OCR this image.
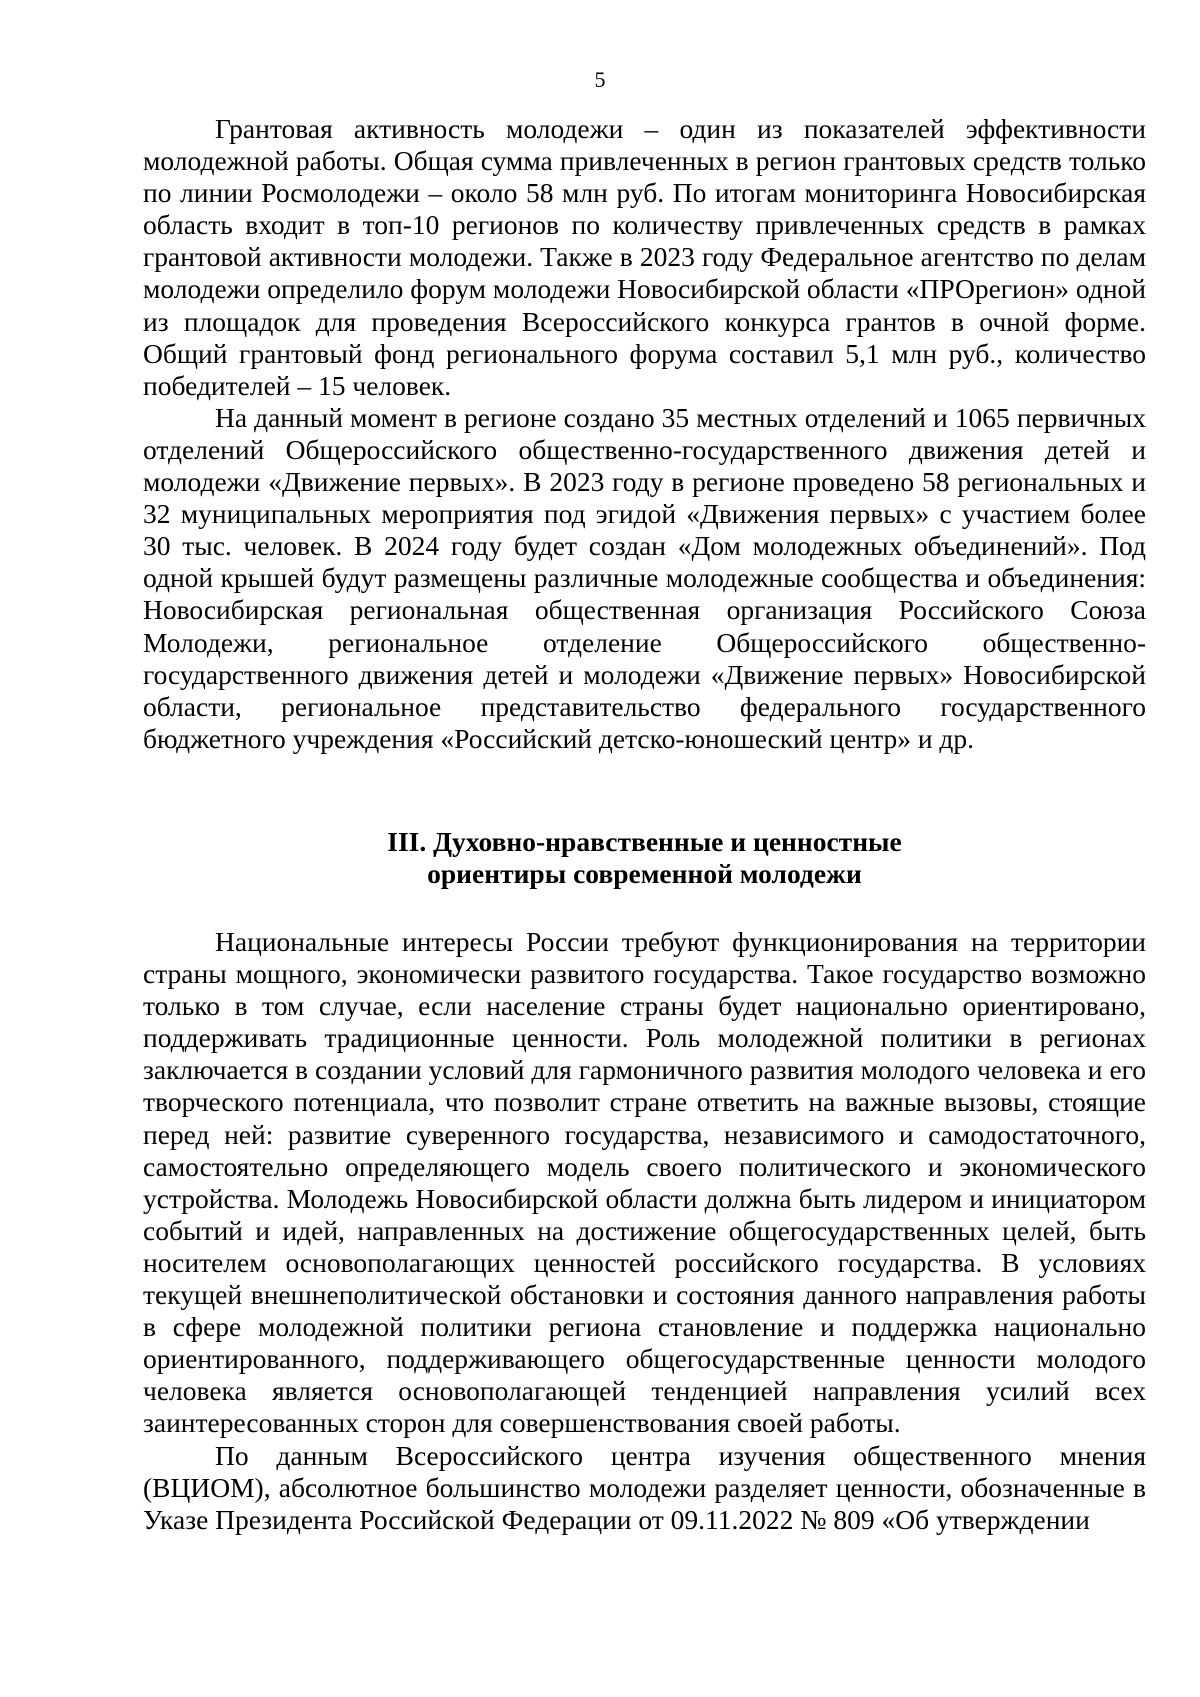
5

Грантовая активность молодежи – один из показателей эффективности молодежной работы. Общая сумма привлеченных в регион грантовых средств только по линии Росмолодежи – около 58 млн руб. По итогам мониторинга Новосибирская область входит в топ-10 регионов по количеству привлеченных средств в рамках грантовой активности молодежи. Также в 2023 году Федеральное агентство по делам молодежи определило форум молодежи Новосибирской области «ПРОрегион» одной из площадок для проведения Всероссийского конкурса грантов в очной форме. Общий грантовый фонд регионального форума составил 5,1 млн руб., количество победителей – 15 человек.

На данный момент в регионе создано 35 местных отделений и 1065 первичных отделений Общероссийского общественно-государственного движения детей и молодежи «Движение первых». В 2023 году в регионе проведено 58 региональных и 32 муниципальных мероприятия под эгидой «Движения первых» с участием более 30 тыс. человек. В 2024 году будет создан «Дом молодежных объединений». Под одной крышей будут размещены различные молодежные сообщества и объединения: Новосибирская региональная общественная организация Российского Союза Молодежи, региональное отделение Общероссийского общественно-государственного движения детей и молодежи «Движение первых» Новосибирской области, региональное представительство федерального государственного бюджетного учреждения «Российский детско-юношеский центр» и др.

III. Духовно-нравственные и ценностные
ориентиры современной молодежи

Национальные интересы России требуют функционирования на территории страны мощного, экономически развитого государства. Такое государство возможно только в том случае, если население страны будет национально ориентировано, поддерживать традиционные ценности. Роль молодежной политики в регионах заключается в создании условий для гармоничного развития молодого человека и его творческого потенциала, что позволит стране ответить на важные вызовы, стоящие перед ней: развитие суверенного государства, независимого и самодостаточного, самостоятельно определяющего модель своего политического и экономического устройства. Молодежь Новосибирской области должна быть лидером и инициатором событий и идей, направленных на достижение общегосударственных целей, быть носителем основополагающих ценностей российского государства. В условиях текущей внешнеполитической обстановки и состояния данного направления работы в сфере молодежной политики региона становление и поддержка национально ориентированного, поддерживающего общегосударственные ценности молодого человека является основополагающей тенденцией направления усилий всех заинтересованных сторон для совершенствования своей работы.

По данным Всероссийского центра изучения общественного мнения (ВЦИОМ), абсолютное большинство молодежи разделяет ценности, обозначенные в Указе Президента Российской Федерации от 09.11.2022 № 809 «Об утверждении
